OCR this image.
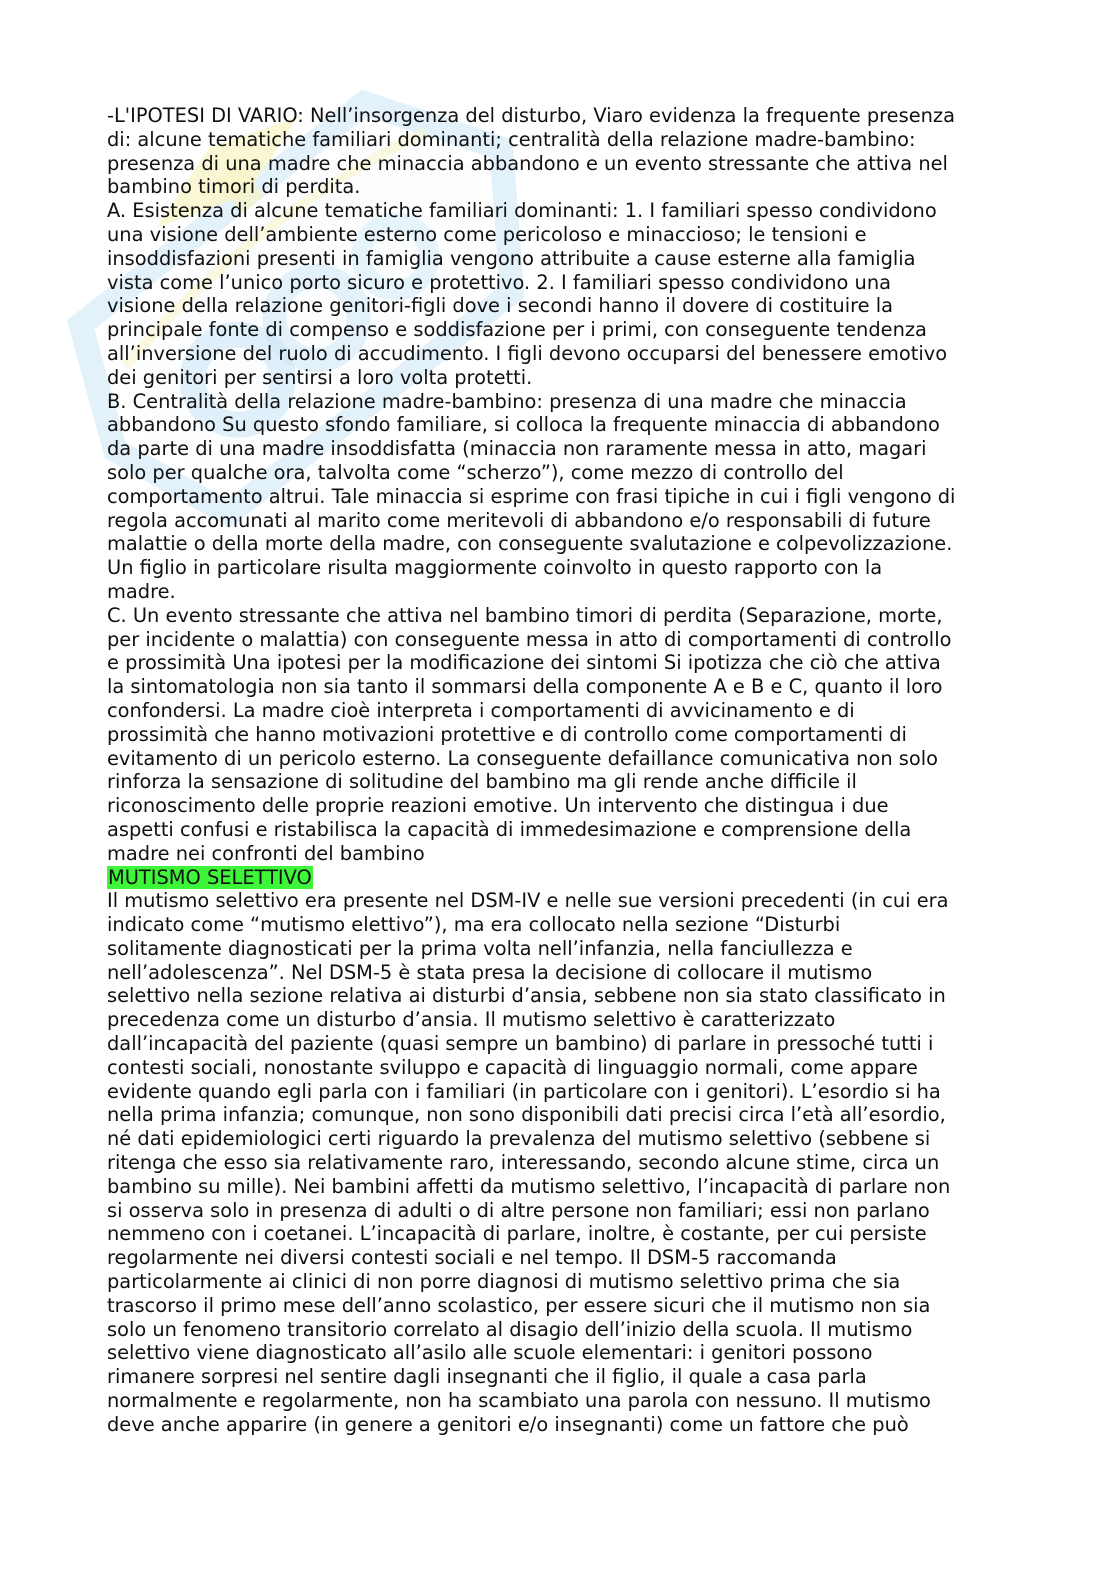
-L'IPOTESI DI VARIO: Nell’insorgenza del disturbo, Viaro evidenza la frequente presenza
di: alcune tematiche familiari dominanti; centralità della relazione madre-bambino:
presenza di una madre che minaccia abbandono e un evento stressante che attiva nel
bambino timori di perdita.

A. Esistenza di alcune tematiche familiari dominanti: 1. I familiari spesso condividono
una visione dell’ambiente esterno come pericoloso e minaccioso; le tensioni e
insoddisfazioni presenti in famiglia vengono attribuite a cause esterne alla famiglia
vista come l’unico porto sicuro e protettivo. 2. I familiari spesso condividono una
visione della relazione genitori-figli dove i secondi hanno il dovere di costituire la
principale fonte di compenso e soddisfazione per i primi, con conseguente tendenza
all’inversione del ruolo di accudimento. I figli devono occuparsi del benessere emotivo
dei genitori per sentirsi a loro volta protetti.

B. Centralità della relazione madre-bambino: presenza di una madre che minaccia
abbandono Su questo sfondo familiare, si colloca la frequente minaccia di abbandono
da parte di una madre insoddisfatta (minaccia non raramente messa in atto, magari
solo per qualche ora, talvolta come “scherzo”), come mezzo di controllo del
comportamento altrui. Tale minaccia si esprime con frasi tipiche in cui i figli vengono di
regola accomunati al marito come meritevoli di abbandono e/o responsabili di future
malattie o della morte della madre, con conseguente svalutazione e colpevolizzazione.
Un figlio in particolare risulta maggiormente coinvolto in questo rapporto con la
madre.

C. Un evento stressante che attiva nel bambino timori di perdita (Separazione, morte,
per incidente o malattia) con conseguente messa in atto di comportamenti di controllo
e prossimità Una ipotesi per la modificazione dei sintomi Si ipotizza che ciò che attiva
la sintomatologia non sia tanto il sommarsi della componente A e B e C, quanto il loro
confondersi. La madre cioè interpreta i comportamenti di avvicinamento e di
prossimità che hanno motivazioni protettive e di controllo come comportamenti di
evitamento di un pericolo esterno. La conseguente defaillance comunicativa non solo
rinforza la sensazione di solitudine del bambino ma gli rende anche difficile il
riconoscimento delle proprie reazioni emotive. Un intervento che distingua i due
aspetti confusi e ristabilisca la capacità di immedesimazione e comprensione della
madre nei confronti del bambino

MUTISMO SELETTIVO

Il mutismo selettivo era presente nel DSM-IV e nelle sue versioni precedenti (in cui era
indicato come “mutismo elettivo”), ma era collocato nella sezione “Disturbi
solitamente diagnosticati per la prima volta nell’infanzia, nella fanciullezza e
nell’adolescenza”. Nel DSM-5 è stata presa la decisione di collocare il mutismo
selettivo nella sezione relativa ai disturbi d’ansia, sebbene non sia stato classificato in
precedenza come un disturbo d’ansia. Il mutismo selettivo è caratterizzato
dall’incapacità del paziente (quasi sempre un bambino) di parlare in pressoché tutti i
contesti sociali, nonostante sviluppo e capacità di linguaggio normali, come appare
evidente quando egli parla con i familiari (in particolare con i genitori). L’esordio si ha
nella prima infanzia; comunque, non sono disponibili dati precisi circa l’età all’esordio,
né dati epidemiologici certi riguardo la prevalenza del mutismo selettivo (sebbene si
ritenga che esso sia relativamente raro, interessando, secondo alcune stime, circa un
bambino su mille). Nei bambini affetti da mutismo selettivo, l’incapacità di parlare non
si osserva solo in presenza di adulti o di altre persone non familiari; essi non parlano
nemmeno con i coetanei. L’incapacità di parlare, inoltre, è costante, per cui persiste
regolarmente nei diversi contesti sociali e nel tempo. Il DSM-5 raccomanda
particolarmente ai clinici di non porre diagnosi di mutismo selettivo prima che sia
trascorso il primo mese dell’anno scolastico, per essere sicuri che il mutismo non sia
solo un fenomeno transitorio correlato al disagio dell’inizio della scuola. Il mutismo
selettivo viene diagnosticato all’asilo alle scuole elementari: i genitori possono
rimanere sorpresi nel sentire dagli insegnanti che il figlio, il quale a casa parla
normalmente e regolarmente, non ha scambiato una parola con nessuno. Il mutismo
deve anche apparire (in genere a genitori e/o insegnanti) come un fattore che può
